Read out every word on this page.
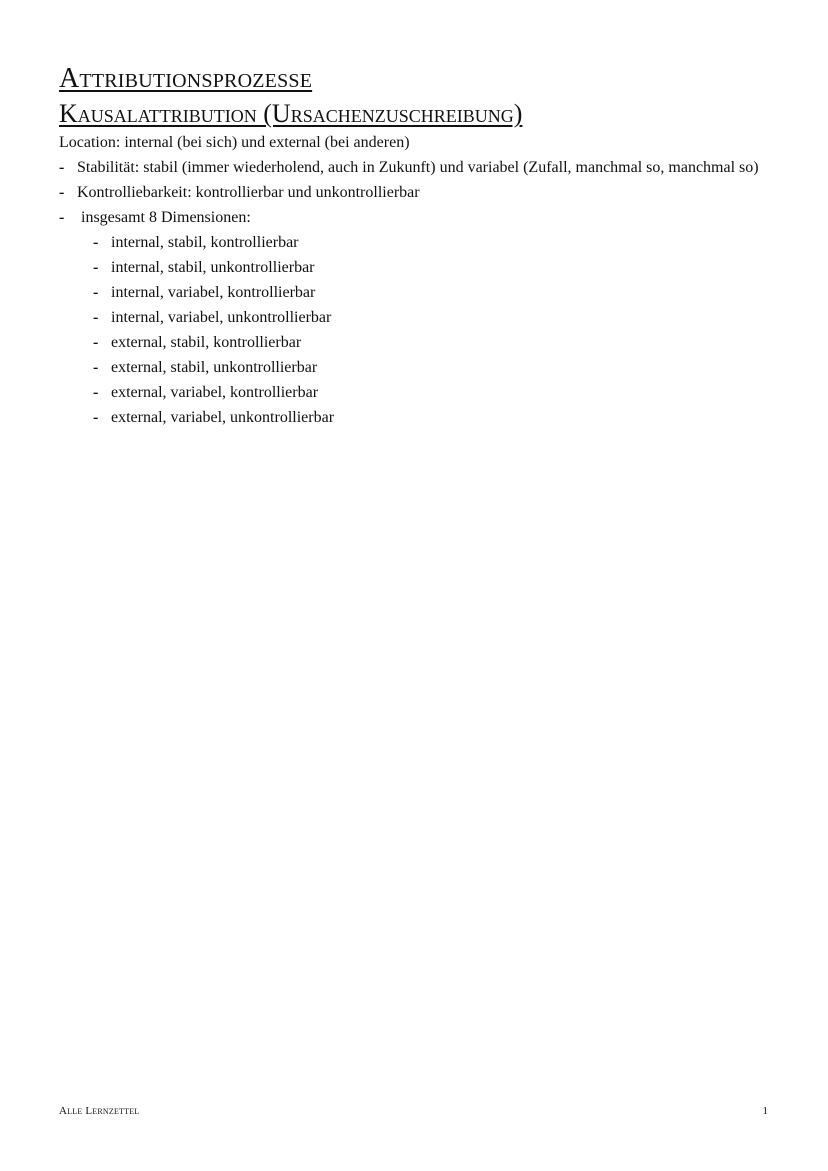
Attributionsprozesse
Kausalattribution (Ursachenzuschreibung)

Location: internal (bei sich) und external (bei anderen)

- Stabilität: stabil (immer wiederholend, auch in Zukunft) und variabel (Zufall, manchmal so, manchmal so)
- Kontrolliebarkeit: kontrollierbar und unkontrollierbar
- insgesamt 8 Dimensionen:
- internal, stabil, kontrollierbar
- internal, stabil, unkontrollierbar
- internal, variabel, kontrollierbar
- internal, variabel, unkontrollierbar
- external, stabil, kontrollierbar
- external, stabil, unkontrollierbar
- external, variabel, kontrollierbar
- external, variabel, unkontrollierbar
Alle Lernzettel	1
